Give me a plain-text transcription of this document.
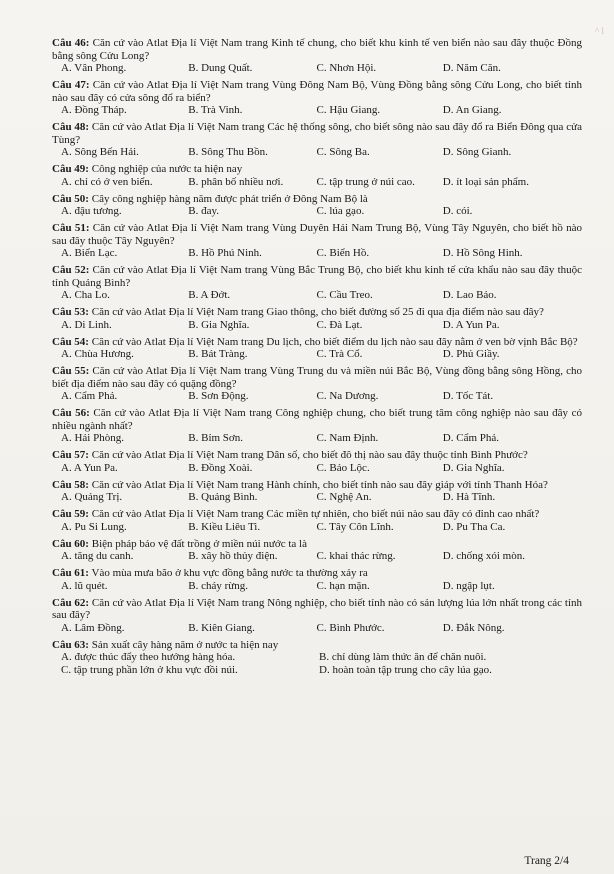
^ l
Câu 46: Căn cứ vào Atlat Địa lí Việt Nam trang Kinh tế chung, cho biết khu kinh tế ven biển nào sau đây thuộc Đồng bằng sông Cửu Long?
A. Vân Phong.	B. Dung Quất.	C. Nhơn Hội.	D. Năm Căn.
Câu 47: Căn cứ vào Atlat Địa lí Việt Nam trang Vùng Đông Nam Bộ, Vùng Đồng bằng sông Cửu Long, cho biết tỉnh nào sau đây có cửa sông đổ ra biển?
A. Đồng Tháp.	B. Trà Vinh.	C. Hậu Giang.	D. An Giang.
Câu 48: Căn cứ vào Atlat Địa lí Việt Nam trang Các hệ thống sông, cho biết sông nào sau đây đổ ra Biển Đông qua cửa Tùng?
A. Sông Bến Hải.	B. Sông Thu Bồn.	C. Sông Ba.	D. Sông Gianh.
Câu 49: Công nghiệp của nước ta hiện nay
A. chỉ có ở ven biển.	B. phân bố nhiều nơi.	C. tập trung ở núi cao.	D. ít loại sản phẩm.
Câu 50: Cây công nghiệp hàng năm được phát triển ở Đông Nam Bộ là
A. đậu tương.	B. đay.	C. lúa gạo.	D. cói.
Câu 51: Căn cứ vào Atlat Địa lí Việt Nam trang Vùng Duyên Hải Nam Trung Bộ, Vùng Tây Nguyên, cho biết hồ nào sau đây thuộc Tây Nguyên?
A. Biển Lạc.	B. Hồ Phú Ninh.	C. Biển Hồ.	D. Hồ Sông Hinh.
Câu 52: Căn cứ vào Atlat Địa lí Việt Nam trang Vùng Bắc Trung Bộ, cho biết khu kinh tế cửa khẩu nào sau đây thuộc tỉnh Quảng Bình?
A. Cha Lo.	B. A Đớt.	C. Cầu Treo.	D. Lao Bảo.
Câu 53: Căn cứ vào Atlat Địa lí Việt Nam trang Giao thông, cho biết đường số 25 đi qua địa điểm nào sau đây?
A. Di Linh.	B. Gia Nghĩa.	C. Đà Lạt.	D. A Yun Pa.
Câu 54: Căn cứ vào Atlat Địa lí Việt Nam trang Du lịch, cho biết điểm du lịch nào sau đây nằm ở ven bờ vịnh Bắc Bộ?
A. Chùa Hương.	B. Bát Tràng.	C. Trà Cổ.	D. Phủ Giầy.
Câu 55: Căn cứ vào Atlat Địa lí Việt Nam trang Vùng Trung du và miền núi Bắc Bộ, Vùng đồng bằng sông Hồng, cho biết địa điểm nào sau đây có quặng đồng?
A. Cẩm Phả.	B. Sơn Động.	C. Na Dương.	D. Tốc Tát.
Câu 56: Căn cứ vào Atlat Địa lí Việt Nam trang Công nghiệp chung, cho biết trung tâm công nghiệp nào sau đây có nhiều ngành nhất?
A. Hải Phòng.	B. Bỉm Sơn.	C. Nam Định.	D. Cẩm Phả.
Câu 57: Căn cứ vào Atlat Địa lí Việt Nam trang Dân số, cho biết đô thị nào sau đây thuộc tỉnh Bình Phước?
A. A Yun Pa.	B. Đồng Xoài.	C. Bảo Lộc.	D. Gia Nghĩa.
Câu 58: Căn cứ vào Atlat Địa lí Việt Nam trang Hành chính, cho biết tỉnh nào sau đây giáp với tỉnh Thanh Hóa?
A. Quảng Trị.	B. Quảng Bình.	C. Nghệ An.	D. Hà Tĩnh.
Câu 59: Căn cứ vào Atlat Địa lí Việt Nam trang Các miền tự nhiên, cho biết núi nào sau đây có đỉnh cao nhất?
A. Pu Si Lung.	B. Kiều Liêu Ti.	C. Tây Côn Lĩnh.	D. Pu Tha Ca.
Câu 60: Biện pháp bảo vệ đất trồng ở miền núi nước ta là
A. tăng du canh.	B. xây hồ thủy điện.	C. khai thác rừng.	D. chống xói mòn.
Câu 61: Vào mùa mưa bão ở khu vực đồng bằng nước ta thường xảy ra
A. lũ quét.	B. cháy rừng.	C. hạn mặn.	D. ngập lụt.
Câu 62: Căn cứ vào Atlat Địa lí Việt Nam trang Nông nghiệp, cho biết tỉnh nào có sản lượng lúa lớn nhất trong các tỉnh sau đây?
A. Lâm Đồng.	B. Kiên Giang.	C. Bình Phước.	D. Đắk Nông.
Câu 63: Sản xuất cây hàng năm ở nước ta hiện nay
A. được thúc đẩy theo hướng hàng hóa.	B. chỉ dùng làm thức ăn để chăn nuôi.
C. tập trung phần lớn ở khu vực đồi núi.	D. hoàn toàn tập trung cho cây lúa gạo.
Trang 2/4
